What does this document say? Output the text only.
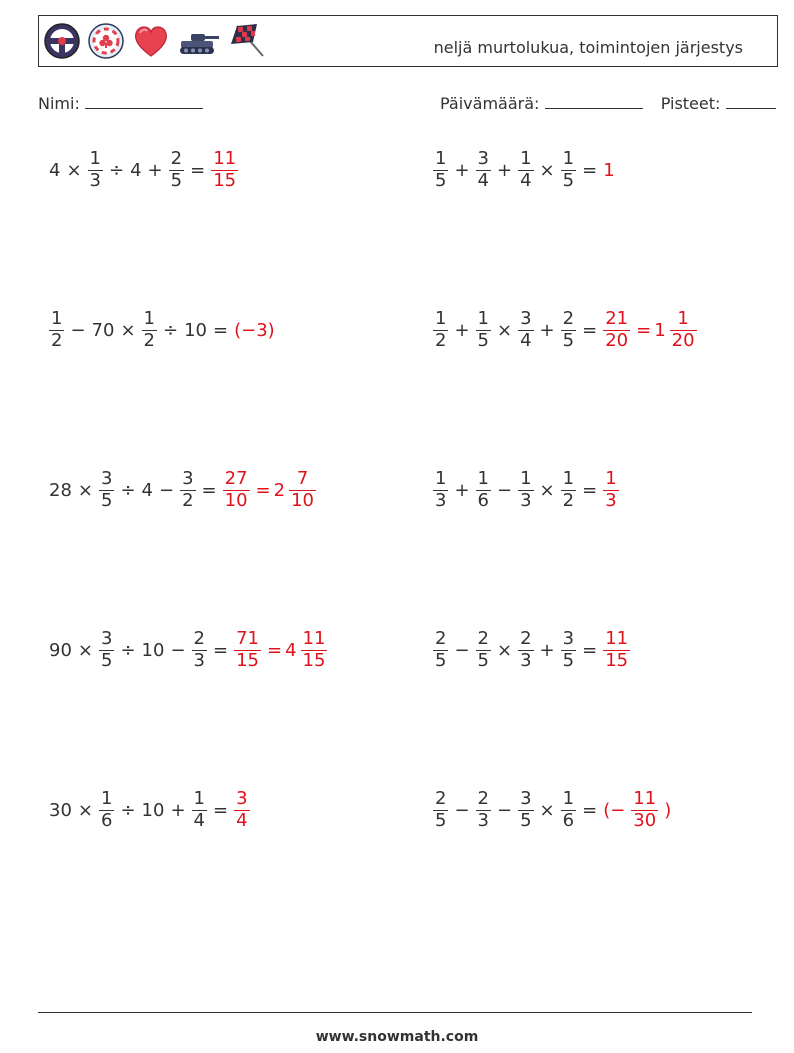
neljä murtolukua, toimintojen järjestys
Nimi:	Päivämäärä:	Pisteet:
$4 \times \frac{1}{3} \div 4 + \frac{2}{5} = \frac{11}{15}$	$\frac{1}{5} + \frac{3}{4} + \frac{1}{4} \times \frac{1}{5} = 1$
$\frac{1}{2} - 70 \times \frac{1}{2} \div 10 = (-3)$	$\frac{1}{2} + \frac{1}{5} \times \frac{3}{4} + \frac{2}{5} = \frac{21}{20} = 1 \frac{1}{20}$
$28 \times \frac{3}{5} \div 4 - \frac{3}{2} = \frac{27}{10} = 2 \frac{7}{10}$	$\frac{1}{3} + \frac{1}{6} - \frac{1}{3} \times \frac{1}{2} = \frac{1}{3}$
$90 \times \frac{3}{5} \div 10 - \frac{2}{3} = \frac{71}{15} = 4 \frac{11}{15}$	$\frac{2}{5} - \frac{2}{5} \times \frac{2}{3} + \frac{3}{5} = \frac{11}{15}$
$30 \times \frac{1}{6} \div 10 + \frac{1}{4} = \frac{3}{4}$	$\frac{2}{5} - \frac{2}{3} - \frac{3}{5} \times \frac{1}{6}$ = (− $\frac{11}{30}$ )
www.snowmath.com
